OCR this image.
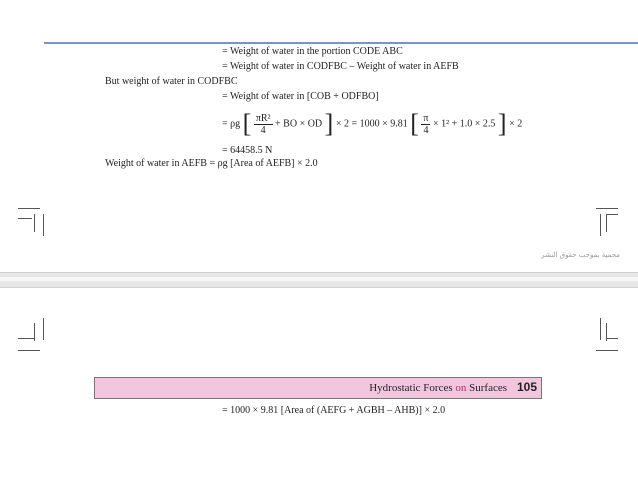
= Weight of water in the portion CODE ABC
= Weight of water in CODFBC – Weight of water in AEFB
But weight of water in CODFBC
= Weight of water in [COB + ODFBO]
= ρg [ $\frac{\text{πR²}}{4}$ + BO × OD ] × 2 = 1000 × 9.81 [ $\frac{\pi}{4} \times 1^2 + 1.0 \times 2.5$ ] × 2
= 64458.5 N
Weight of water in AEFB = ρg [Area of AEFB] × 2.0
محمية بموجب حقوق النشر
Hydrostatic Forces on Surfaces 105
= 1000 × 9.81 [Area of (AEFG + AGBH – AHB)] × 2.0
